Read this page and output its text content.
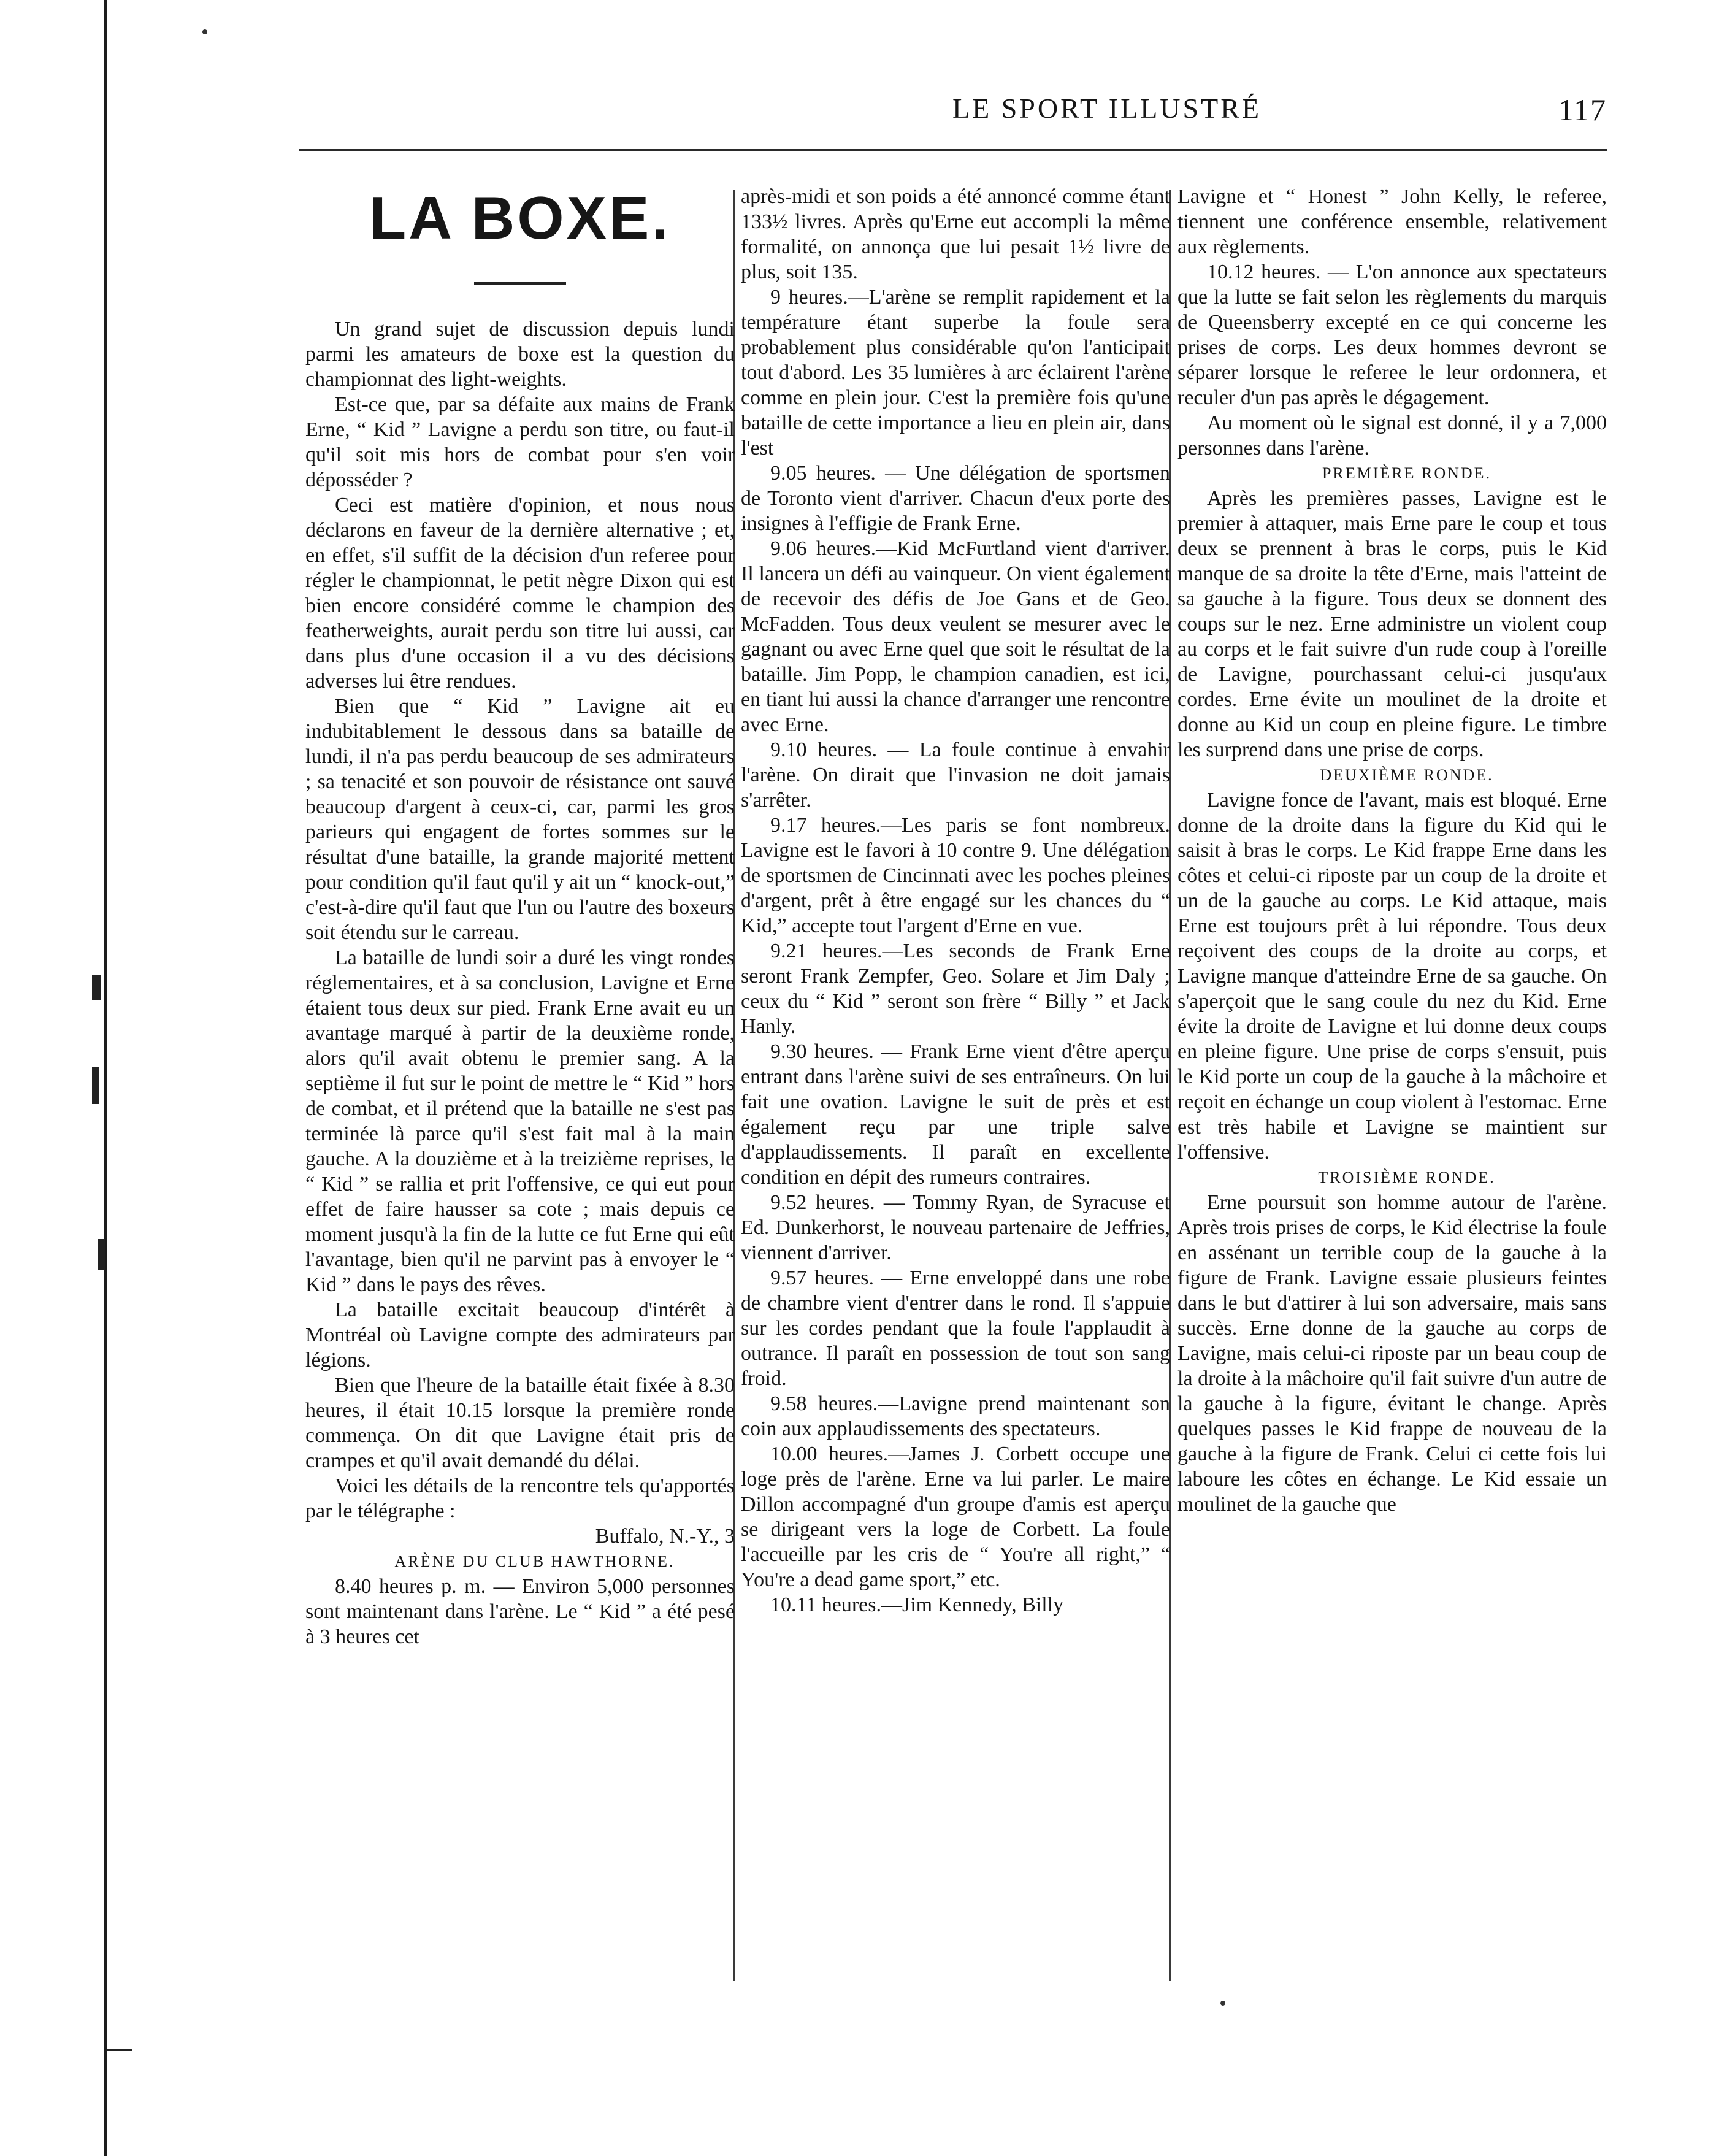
LE SPORT ILLUSTRÉ	117
LA BOXE.

Un grand sujet de discussion depuis lundi parmi les amateurs de boxe est la question du championnat des light-weights.

Est-ce que, par sa défaite aux mains de Frank Erne, “ Kid ” Lavigne a perdu son titre, ou faut-il qu'il soit mis hors de combat pour s'en voir déposséder ?

Ceci est matière d'opinion, et nous nous déclarons en faveur de la dernière alternative ; et, en effet, s'il suffit de la décision d'un referee pour régler le championnat, le petit nègre Dixon qui est bien encore considéré comme le champion des featherweights, aurait perdu son titre lui aussi, car dans plus d'une occasion il a vu des décisions adverses lui être rendues.

Bien que “ Kid ” Lavigne ait eu indubitablement le dessous dans sa bataille de lundi, il n'a pas perdu beaucoup de ses admirateurs ; sa tenacité et son pouvoir de résistance ont sauvé beaucoup d'argent à ceux-ci, car, parmi les gros parieurs qui engagent de fortes sommes sur le résultat d'une bataille, la grande majorité mettent pour condition qu'il faut qu'il y ait un “ knock-out,” c'est-à-dire qu'il faut que l'un ou l'autre des boxeurs soit étendu sur le carreau.

La bataille de lundi soir a duré les vingt rondes réglementaires, et à sa conclusion, Lavigne et Erne étaient tous deux sur pied. Frank Erne avait eu un avantage marqué à partir de la deuxième ronde, alors qu'il avait obtenu le premier sang. A la septième il fut sur le point de mettre le “ Kid ” hors de combat, et il prétend que la bataille ne s'est pas terminée là parce qu'il s'est fait mal à la main gauche. A la douzième et à la treizième reprises, le “ Kid ” se rallia et prit l'offensive, ce qui eut pour effet de faire hausser sa cote ; mais depuis ce moment jusqu'à la fin de la lutte ce fut Erne qui eût l'avantage, bien qu'il ne parvint pas à envoyer le “ Kid ” dans le pays des rêves.

La bataille excitait beaucoup d'intérêt à Montréal où Lavigne compte des admirateurs par légions.

Bien que l'heure de la bataille était fixée à 8.30 heures, il était 10.15 lorsque la première ronde commença. On dit que Lavigne était pris de crampes et qu'il avait demandé du délai.

Voici les détails de la rencontre tels qu'apportés par le télégraphe :

Buffalo, N.-Y., 3

ARÈNE DU CLUB HAWTHORNE.

8.40 heures p. m. — Environ 5,000 personnes sont maintenant dans l'arène. Le “ Kid ” a été pesé à 3 heures cet

après-midi et son poids a été annoncé comme étant 133½ livres. Après qu'Erne eut accompli la même formalité, on annonça que lui pesait 1½ livre de plus, soit 135.

9 heures.—L'arène se remplit rapidement et la température étant superbe la foule sera probablement plus considérable qu'on l'anticipait tout d'abord. Les 35 lumières à arc éclairent l'arène comme en plein jour. C'est la première fois qu'une bataille de cette importance a lieu en plein air, dans l'est

9.05 heures. — Une délégation de sportsmen de Toronto vient d'arriver. Chacun d'eux porte des insignes à l'effigie de Frank Erne.

9.06 heures.—Kid McFurtland vient d'arriver. Il lancera un défi au vainqueur. On vient également de recevoir des défis de Joe Gans et de Geo. McFadden. Tous deux veulent se mesurer avec le gagnant ou avec Erne quel que soit le résultat de la bataille. Jim Popp, le champion canadien, est ici, en tiant lui aussi la chance d'arranger une rencontre avec Erne.

9.10 heures. — La foule continue à envahir l'arène. On dirait que l'invasion ne doit jamais s'arrêter.

9.17 heures.—Les paris se font nombreux. Lavigne est le favori à 10 contre 9. Une délégation de sportsmen de Cincinnati avec les poches pleines d'argent, prêt à être engagé sur les chances du “ Kid,” accepte tout l'argent d'Erne en vue.

9.21 heures.—Les seconds de Frank Erne seront Frank Zempfer, Geo. Solare et Jim Daly ; ceux du “ Kid ” seront son frère “ Billy ” et Jack Hanly.

9.30 heures. — Frank Erne vient d'être aperçu entrant dans l'arène suivi de ses entraîneurs. On lui fait une ovation. Lavigne le suit de près et est également reçu par une triple salve d'applaudissements. Il paraît en excellente condition en dépit des rumeurs contraires.

9.52 heures. — Tommy Ryan, de Syracuse et Ed. Dunkerhorst, le nouveau partenaire de Jeffries, viennent d'arriver.

9.57 heures. — Erne enveloppé dans une robe de chambre vient d'entrer dans le rond. Il s'appuie sur les cordes pendant que la foule l'applaudit à outrance. Il paraît en possession de tout son sang froid.

9.58 heures.—Lavigne prend maintenant son coin aux applaudissements des spectateurs.

10.00 heures.—James J. Corbett occupe une loge près de l'arène. Erne va lui parler. Le maire Dillon accompagné d'un groupe d'amis est aperçu se dirigeant vers la loge de Corbett. La foule l'accueille par les cris de “ You're all right,” “ You're a dead game sport,” etc.

10.11 heures.—Jim Kennedy, Billy

Lavigne et “ Honest ” John Kelly, le referee, tiennent une conférence ensemble, relativement aux règlements.

10.12 heures. — L'on annonce aux spectateurs que la lutte se fait selon les règlements du marquis de Queensberry excepté en ce qui concerne les prises de corps. Les deux hommes devront se séparer lorsque le referee le leur ordonnera, et reculer d'un pas après le dégagement.

Au moment où le signal est donné, il y a 7,000 personnes dans l'arène.

PREMIÈRE RONDE.

Après les premières passes, Lavigne est le premier à attaquer, mais Erne pare le coup et tous deux se prennent à bras le corps, puis le Kid manque de sa droite la tête d'Erne, mais l'atteint de sa gauche à la figure. Tous deux se donnent des coups sur le nez. Erne administre un violent coup au corps et le fait suivre d'un rude coup à l'oreille de Lavigne, pourchassant celui-ci jusqu'aux cordes. Erne évite un moulinet de la droite et donne au Kid un coup en pleine figure. Le timbre les surprend dans une prise de corps.

DEUXIÈME RONDE.

Lavigne fonce de l'avant, mais est bloqué. Erne donne de la droite dans la figure du Kid qui le saisit à bras le corps. Le Kid frappe Erne dans les côtes et celui-ci riposte par un coup de la droite et un de la gauche au corps. Le Kid attaque, mais Erne est toujours prêt à lui répondre. Tous deux reçoivent des coups de la droite au corps, et Lavigne manque d'atteindre Erne de sa gauche. On s'aperçoit que le sang coule du nez du Kid. Erne évite la droite de Lavigne et lui donne deux coups en pleine figure. Une prise de corps s'ensuit, puis le Kid porte un coup de la gauche à la mâchoire et reçoit en échange un coup violent à l'estomac. Erne est très habile et Lavigne se maintient sur l'offensive.

TROISIÈME RONDE.

Erne poursuit son homme autour de l'arène. Après trois prises de corps, le Kid électrise la foule en assénant un terrible coup de la gauche à la figure de Frank. Lavigne essaie plusieurs feintes dans le but d'attirer à lui son adversaire, mais sans succès. Erne donne de la gauche au corps de Lavigne, mais celui-ci riposte par un beau coup de la droite à la mâchoire qu'il fait suivre d'un autre de la gauche à la figure, évitant le change. Après quelques passes le Kid frappe de nouveau de la gauche à la figure de Frank. Celui ci cette fois lui laboure les côtes en échange. Le Kid essaie un moulinet de la gauche que
